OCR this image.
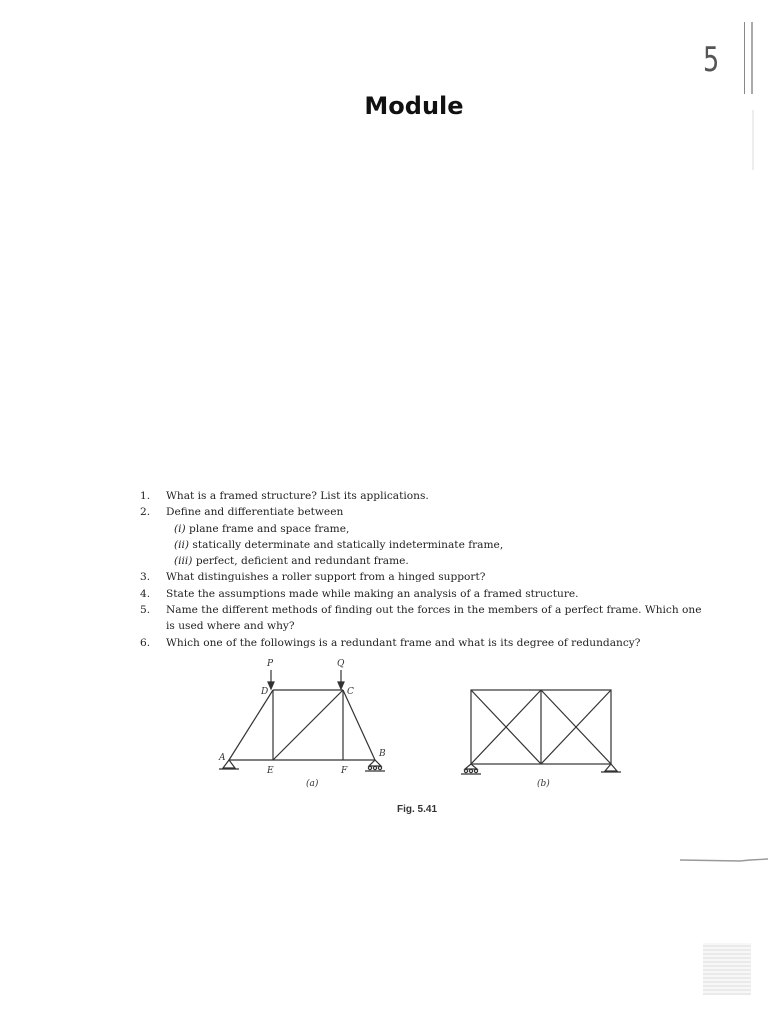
5
Module
1.	What is a framed structure? List its applications.
2.	Define and differentiate between
(i) plane frame and space frame,
(ii) statically determinate and statically indeterminate frame,
(iii) perfect, deficient and redundant frame.
3.	What distinguishes a roller support from a hinged support?
4.	State the assumptions made while making an analysis of a framed structure.
5.	Name the different methods of finding out the forces in the members of a perfect frame. Which one is used where and why?
6.	Which one of the followings is a redundant frame and what is its degree of redundancy?
P	Q
D	C
A	B
E	F
(a)	(b)
Fig. 5.41
